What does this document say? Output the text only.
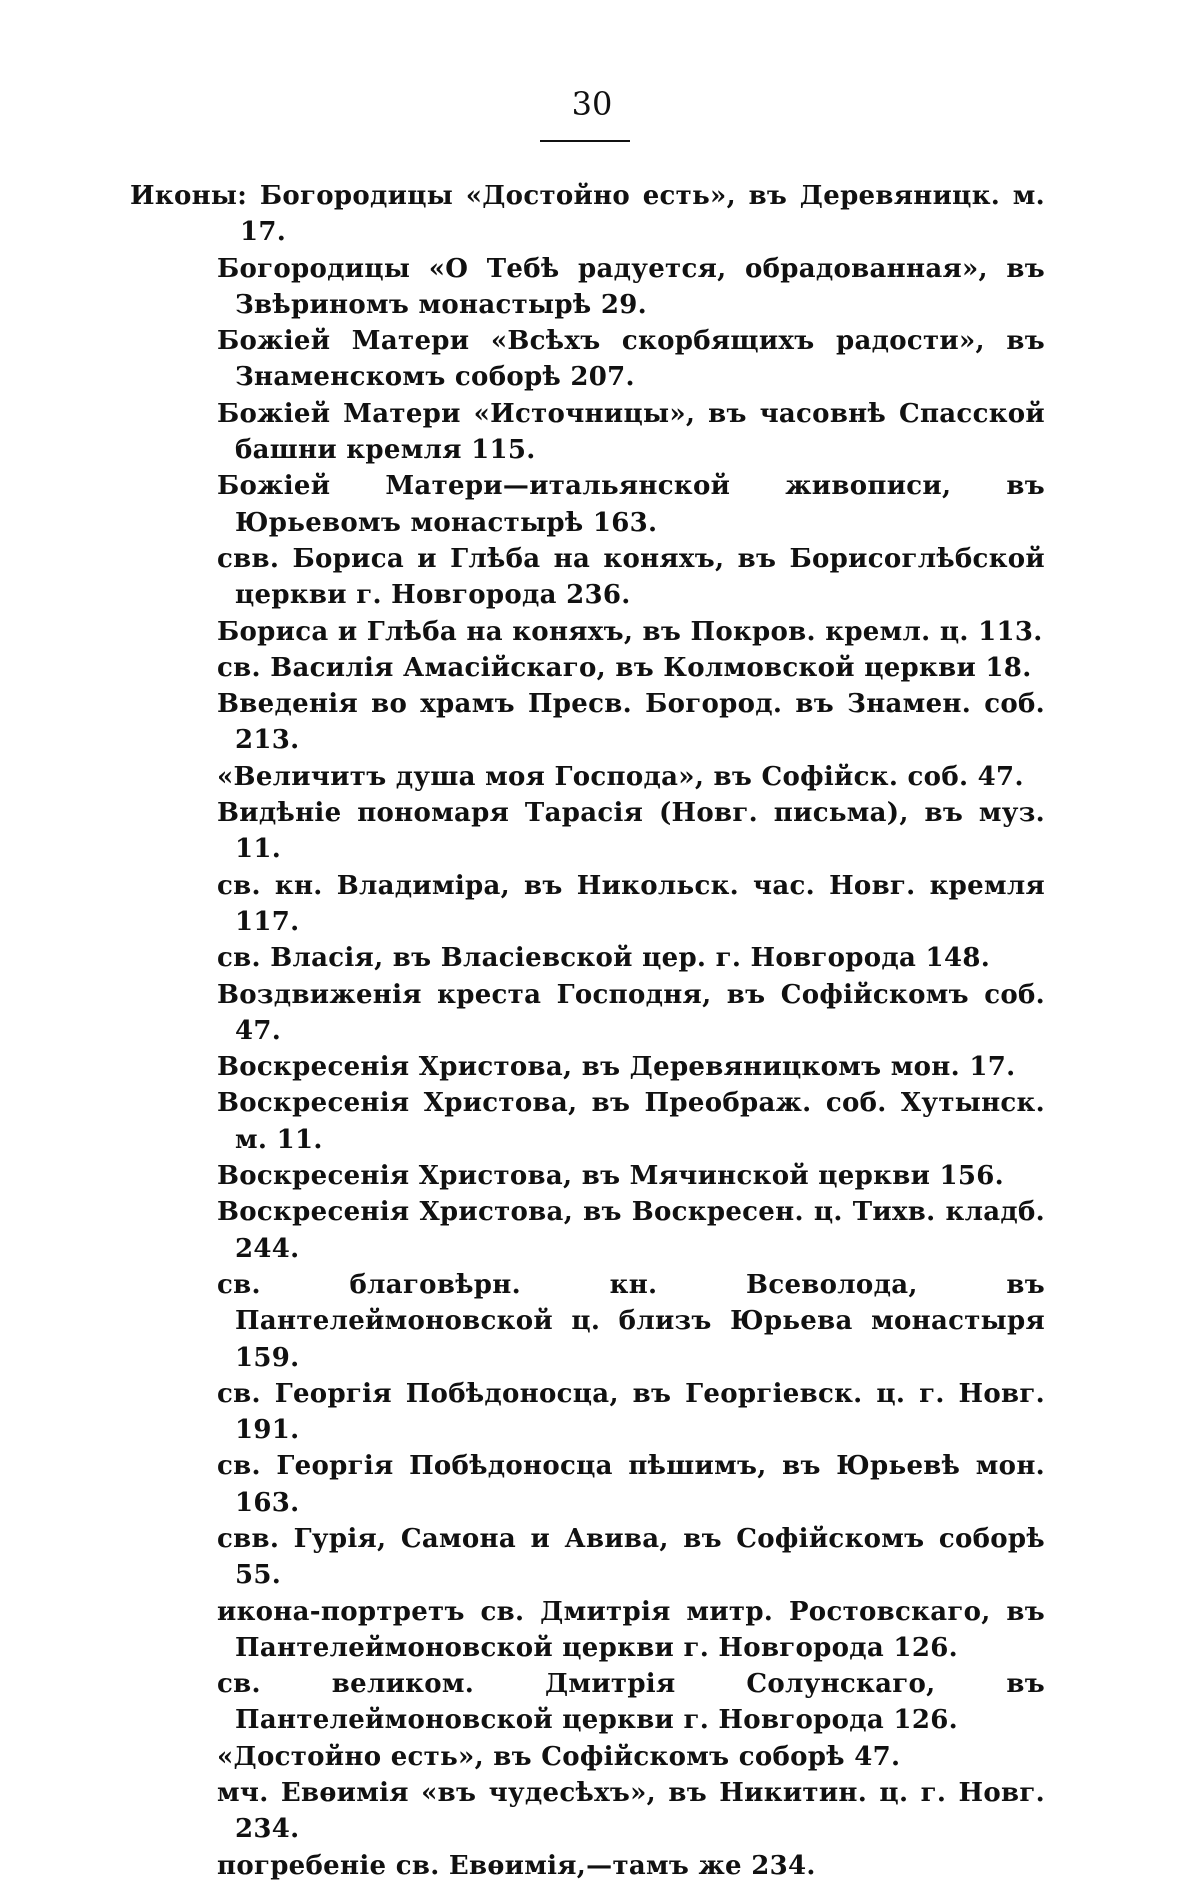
30

Иконы: Богородицы «Достойно есть», въ Деревяницк. м. 17.

Богородицы «О Тебѣ радуется, обрадованная», въ Звѣриномъ монастырѣ 29.

Божіей Матери «Всѣхъ скорбящихъ радости», въ Знаменскомъ соборѣ 207.

Божіей Матери «Источницы», въ часовнѣ Спасской башни кремля 115.

Божіей Матери—итальянской живописи, въ Юрьевомъ монастырѣ 163.

свв. Бориса и Глѣба на коняхъ, въ Борисоглѣбской церкви г. Новгорода 236.

Бориса и Глѣба на коняхъ, въ Покров. кремл. ц. 113.

св. Василія Амасійскаго, въ Колмовской церкви 18.

Введенія во храмъ Пресв. Богород. въ Знамен. соб. 213.

«Величитъ душа моя Господа», въ Софійск. соб. 47.

Видѣніе пономаря Тарасія (Новг. письма), въ муз. 11.

св. кн. Владиміра, въ Никольск. час. Новг. кремля 117.

св. Власія, въ Власіевской цер. г. Новгорода 148.

Воздвиженія креста Господня, въ Софійскомъ соб. 47.

Воскресенія Христова, въ Деревяницкомъ мон. 17.

Воскресенія Христова, въ Преображ. соб. Хутынск. м. 11.

Воскресенія Христова, въ Мячинской церкви 156.

Воскресенія Христова, въ Воскресен. ц. Тихв. кладб. 244.

св. благовѣрн. кн. Всеволода, въ Пантелеймоновской ц. близъ Юрьева монастыря 159.

св. Георгія Побѣдоносца, въ Георгіевск. ц. г. Новг. 191.

св. Георгія Побѣдоносца пѣшимъ, въ Юрьевѣ мон. 163.

свв. Гурія, Самона и Авива, въ Софійскомъ соборѣ 55.

икона-портретъ св. Дмитрія митр. Ростовскаго, въ Пантелеймоновской церкви г. Новгорода 126.

св. великом. Дмитрія Солунскаго, въ Пантелеймоновской церкви г. Новгорода 126.

«Достойно есть», въ Софійскомъ соборѣ 47.

мч. Евѳимія «въ чудесѣхъ», въ Никитин. ц. г. Новг. 234.

погребеніе св. Евѳимія,—тамъ же 234.
